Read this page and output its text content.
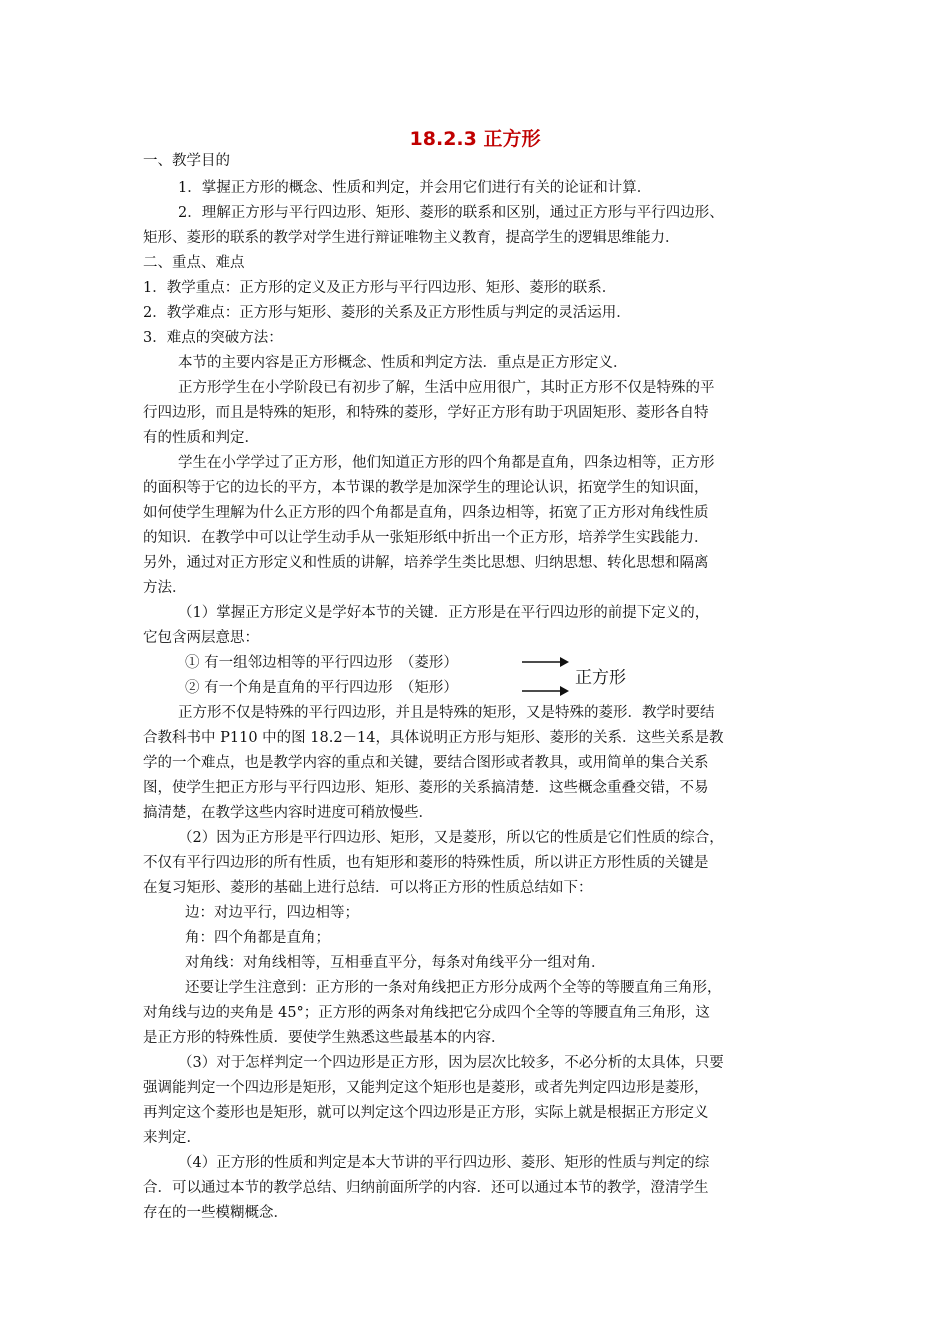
18.2.3 正方形
一、教学目的
1．掌握正方形的概念、性质和判定，并会用它们进行有关的论证和计算．
2．理解正方形与平行四边形、矩形、菱形的联系和区别，通过正方形与平行四边形、
矩形、菱形的联系的教学对学生进行辩证唯物主义教育，提高学生的逻辑思维能力．
二、重点、难点
1．教学重点：正方形的定义及正方形与平行四边形、矩形、菱形的联系．
2．教学难点：正方形与矩形、菱形的关系及正方形性质与判定的灵活运用．
3．难点的突破方法：
本节的主要内容是正方形概念、性质和判定方法．重点是正方形定义．
正方形学生在小学阶段已有初步了解，生活中应用很广，其时正方形不仅是特殊的平
行四边形，而且是特殊的矩形，和特殊的菱形，学好正方形有助于巩固矩形、菱形各自特
有的性质和判定．
学生在小学学过了正方形，他们知道正方形的四个角都是直角，四条边相等，正方形
的面积等于它的边长的平方，本节课的教学是加深学生的理论认识，拓宽学生的知识面，
如何使学生理解为什么正方形的四个角都是直角，四条边相等，拓宽了正方形对角线性质
的知识．在教学中可以让学生动手从一张矩形纸中折出一个正方形，培养学生实践能力．
另外，通过对正方形定义和性质的讲解，培养学生类比思想、归纳思想、转化思想和隔离
方法．
（1）掌握正方形定义是学好本节的关键．正方形是在平行四边形的前提下定义的，
它包含两层意思：
① 有一组邻边相等的平行四边形　（菱形）
② 有一个角是直角的平行四边形　（矩形）	正方形
正方形不仅是特殊的平行四边形，并且是特殊的矩形，又是特殊的菱形．教学时要结
合教科书中 P110 中的图 18.2－14，具体说明正方形与矩形、菱形的关系．这些关系是教
学的一个难点，也是教学内容的重点和关键，要结合图形或者教具，或用简单的集合关系
图，使学生把正方形与平行四边形、矩形、菱形的关系搞清楚．这些概念重叠交错，不易
搞清楚，在教学这些内容时进度可稍放慢些．
（2）因为正方形是平行四边形、矩形，又是菱形，所以它的性质是它们性质的综合，
不仅有平行四边形的所有性质，也有矩形和菱形的特殊性质，所以讲正方形性质的关键是
在复习矩形、菱形的基础上进行总结．可以将正方形的性质总结如下：
边：对边平行，四边相等；
角：四个角都是直角；
对角线：对角线相等，互相垂直平分，每条对角线平分一组对角．
还要让学生注意到：正方形的一条对角线把正方形分成两个全等的等腰直角三角形，
对角线与边的夹角是 45°；正方形的两条对角线把它分成四个全等的等腰直角三角形，这
是正方形的特殊性质．要使学生熟悉这些最基本的内容．
（3）对于怎样判定一个四边形是正方形，因为层次比较多，不必分析的太具体，只要
强调能判定一个四边形是矩形，又能判定这个矩形也是菱形，或者先判定四边形是菱形，
再判定这个菱形也是矩形，就可以判定这个四边形是正方形，实际上就是根据正方形定义
来判定．
（4）正方形的性质和判定是本大节讲的平行四边形、菱形、矩形的性质与判定的综
合．可以通过本节的教学总结、归纳前面所学的内容．还可以通过本节的教学，澄清学生
存在的一些模糊概念．
